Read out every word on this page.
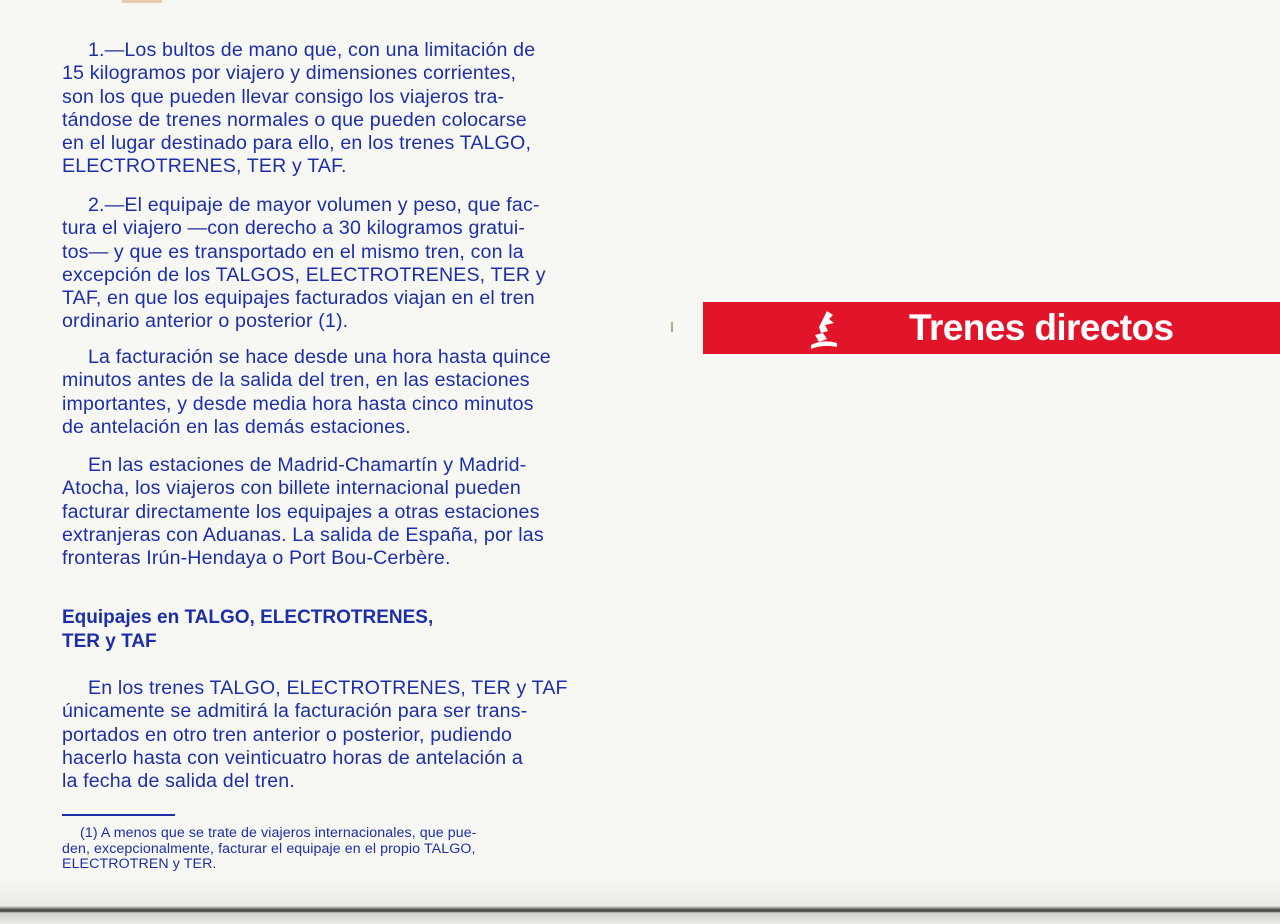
1.—Los bultos de mano que, con una limitación de
15 kilogramos por viajero y dimensiones corrientes,
son los que pueden llevar consigo los viajeros tra-
tándose de trenes normales o que pueden colocarse
en el lugar destinado para ello, en los trenes TALGO,
ELECTROTRENES, TER y TAF.

2.—El equipaje de mayor volumen y peso, que fac-
tura el viajero —con derecho a 30 kilogramos gratui-
tos— y que es transportado en el mismo tren, con la
excepción de los TALGOS, ELECTROTRENES, TER y
TAF, en que los equipajes facturados viajan en el tren
ordinario anterior o posterior (1).

La facturación se hace desde una hora hasta quince
minutos antes de la salida del tren, en las estaciones
importantes, y desde media hora hasta cinco minutos
de antelación en las demás estaciones.

En las estaciones de Madrid-Chamartín y Madrid-
Atocha, los viajeros con billete internacional pueden
facturar directamente los equipajes a otras estaciones
extranjeras con Aduanas. La salida de España, por las
fronteras Irún-Hendaya o Port Bou-Cerbère.

Equipajes en TALGO, ELECTROTRENES,
TER y TAF

En los trenes TALGO, ELECTROTRENES, TER y TAF
únicamente se admitirá la facturación para ser trans-
portados en otro tren anterior o posterior, pudiendo
hacerlo hasta con veinticuatro horas de antelación a
la fecha de salida del tren.

(1) A menos que se trate de viajeros internacionales, que pue-
den, excepcionalmente, facturar el equipaje en el propio TALGO,
ELECTROTREN y TER.

Trenes directos
